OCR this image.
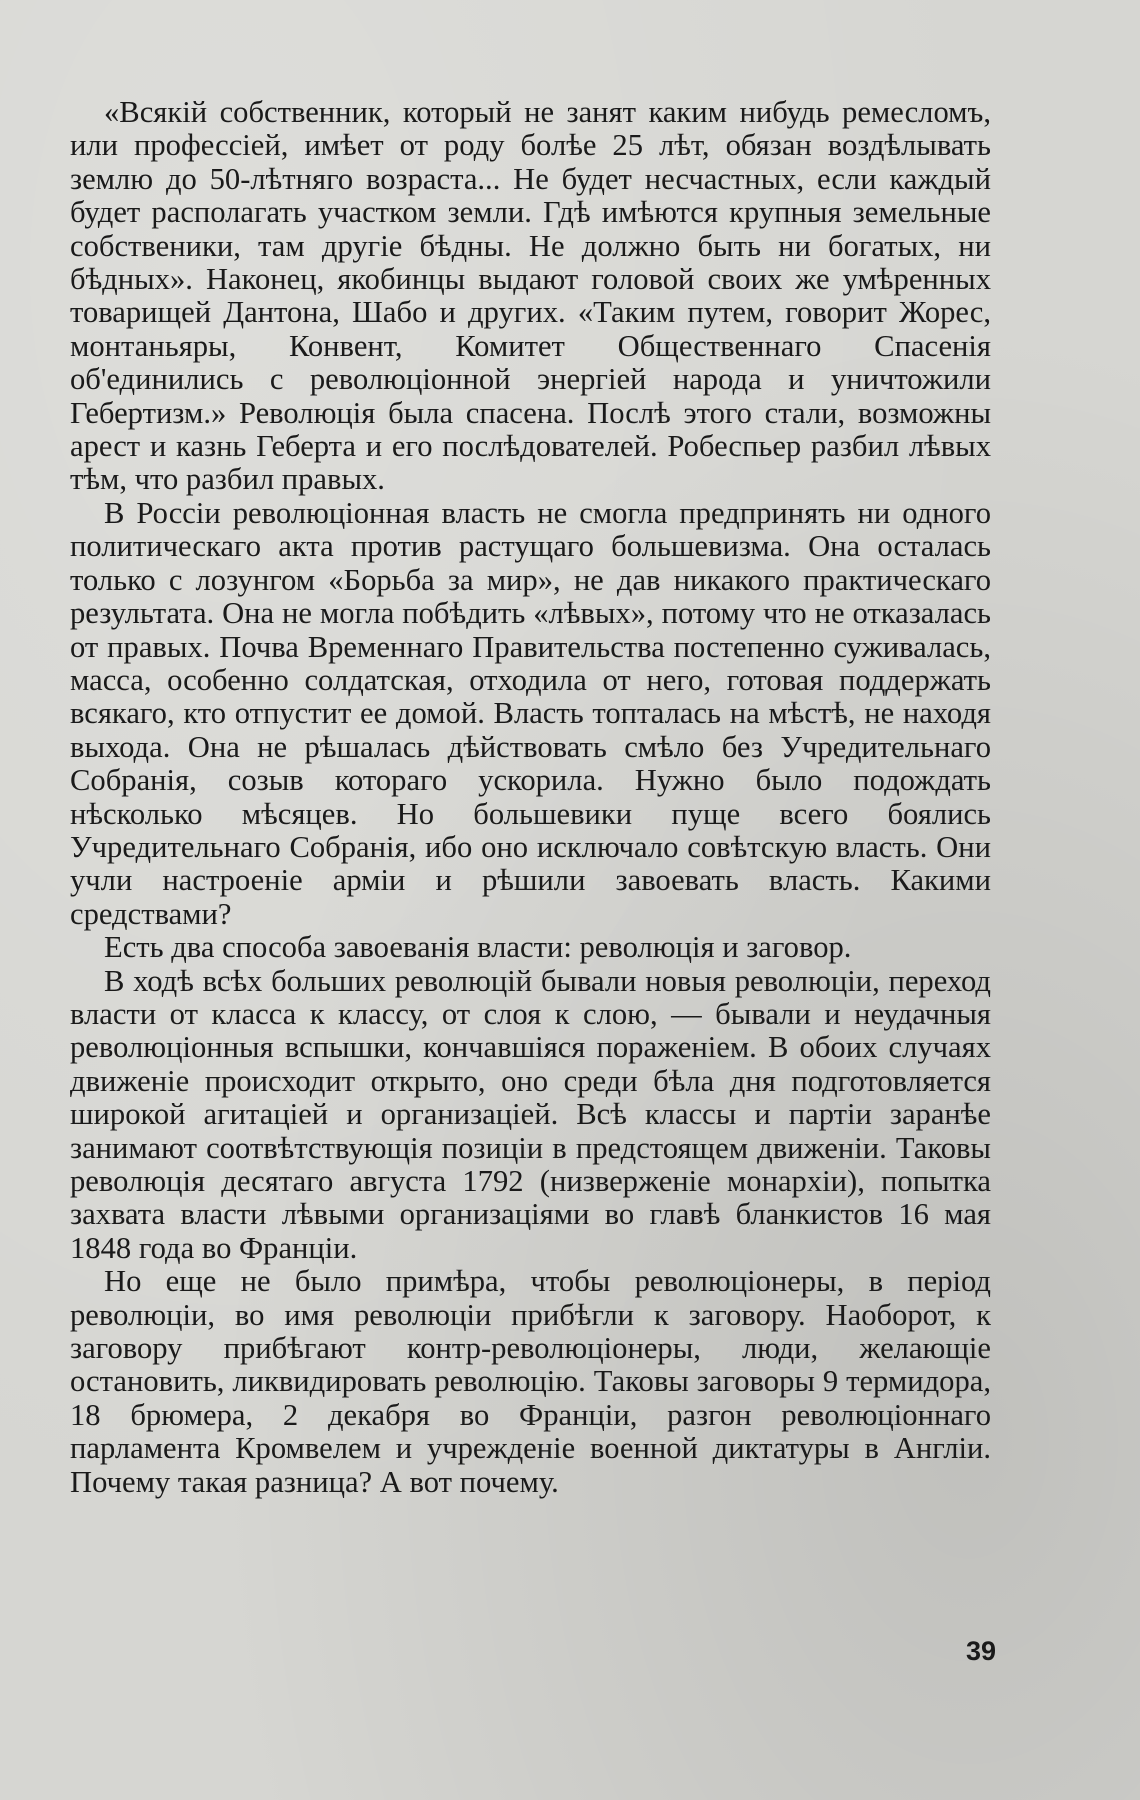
«Всякій собственник, который не занят каким нибудь ремесломъ, или профессіей, имѣет от роду болѣе 25 лѣт, обязан воздѣлывать землю до 50-лѣтняго возраста... Не будет несчастных, если каждый будет располагать участком земли. Гдѣ имѣются крупныя земельные собственики, там другіе бѣдны. Не должно быть ни богатых, ни бѣдных». Наконец, якобинцы выдают головой своих же умѣренных товарищей Дантона, Шабо и других. «Таким путем, говорит Жорес, монтаньяры, Конвент, Комитет Общественнаго Спасенія об'единились с революціонной энергіей народа и уничтожили Гебертизм.» Революція была спасена. Послѣ этого стали, возможны арест и казнь Геберта и его послѣдователей. Робеспьер разбил лѣвых тѣм, что разбил правых.

В Россіи революціонная власть не смогла предпринять ни одного политическаго акта против растущаго большевизма. Она осталась только с лозунгом «Борьба за мир», не дав никакого практическаго результата. Она не могла побѣдить «лѣвых», потому что не отказалась от правых. Почва Временнаго Правительства постепенно суживалась, масса, особенно солдатская, отходила от него, готовая поддержать всякаго, кто отпустит ее домой. Власть топталась на мѣстѣ, не находя выхода. Она не рѣшалась дѣйствовать смѣло без Учредительнаго Собранія, созыв котораго ускорила. Нужно было подождать нѣсколько мѣсяцев. Но большевики пуще всего боялись Учредительнаго Собранія, ибо оно исключало совѣтскую власть. Они учли настроеніе арміи и рѣшили завоевать власть. Какими средствами?

Есть два способа завоеванія власти: революція и заговор.

В ходѣ всѣх больших революцій бывали новыя революціи, переход власти от класса к классу, от слоя к слою, — бывали и неудачныя революціонныя вспышки, кончавшіяся пораженіем. В обоих случаях движеніе происходит открыто, оно среди бѣла дня подготовляется широкой агитаціей и организаціей. Всѣ классы и партіи заранѣе занимают соотвѣтствующія позиціи в предстоящем движеніи. Таковы революція десятаго августа 1792 (низверженіе монархіи), попытка захвата власти лѣвыми организаціями во главѣ бланкистов 16 мая 1848 года во Франціи.

Но еще не было примѣра, чтобы революціонеры, в період революціи, во имя революціи прибѣгли к заговору. Наоборот, к заговору прибѣгают контр-революціонеры, люди, желающіе остановить, ликвидировать революцію. Таковы заговоры 9 термидора, 18 брюмера, 2 декабря во Франціи, разгон революціоннаго парламента Кромвелем и учрежденіе военной диктатуры в Англіи. Почему такая разница? А вот почему.

39
